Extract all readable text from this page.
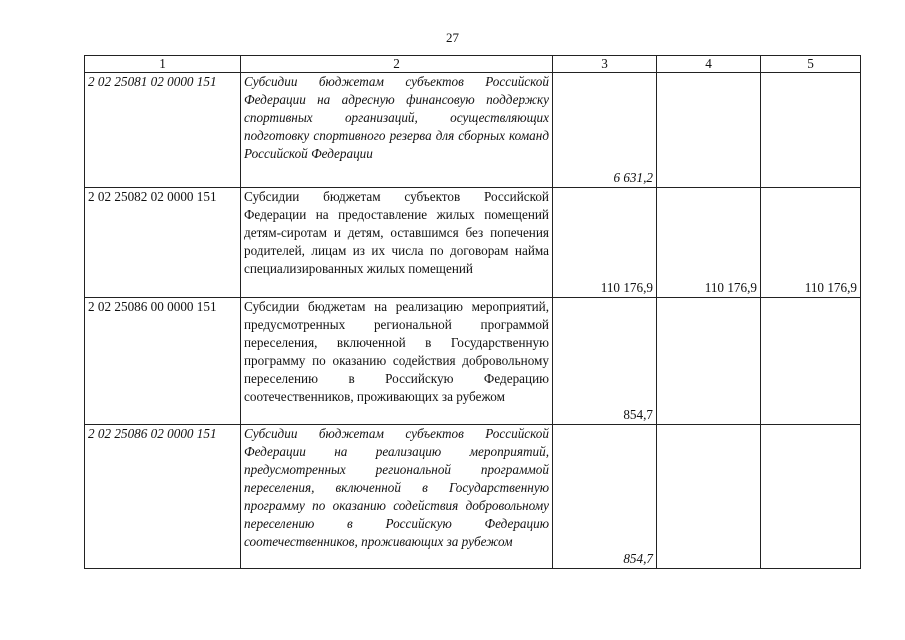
27
1	2	3	4	5
2 02 25081 02 0000 151	Субсидии бюджетам субъектов Российской Федерации на адресную финансовую поддержку спортивных организаций, осуществляющих подготовку спортивного резерва для сборных команд Российской Федерации	6 631,2		
2 02 25082 02 0000 151	Субсидии бюджетам субъектов Российской Федерации на предоставление жилых помещений детям-сиротам и детям, оставшимся без попечения родителей, лицам из их числа по договорам найма специализированных жилых помещений	110 176,9	110 176,9	110 176,9
2 02 25086 00 0000 151	Субсидии бюджетам на реализацию мероприятий, предусмотренных региональной программой переселения, включенной в Государственную программу по оказанию содействия добровольному переселению в Российскую Федерацию соотечественников, проживающих за рубежом	854,7		
2 02 25086 02 0000 151	Субсидии бюджетам субъектов Российской Федерации на реализацию мероприятий, предусмотренных региональной программой переселения, включенной в Государственную программу по оказанию содействия добровольному переселению в Российскую Федерацию соотечественников, проживающих за рубежом	854,7		
